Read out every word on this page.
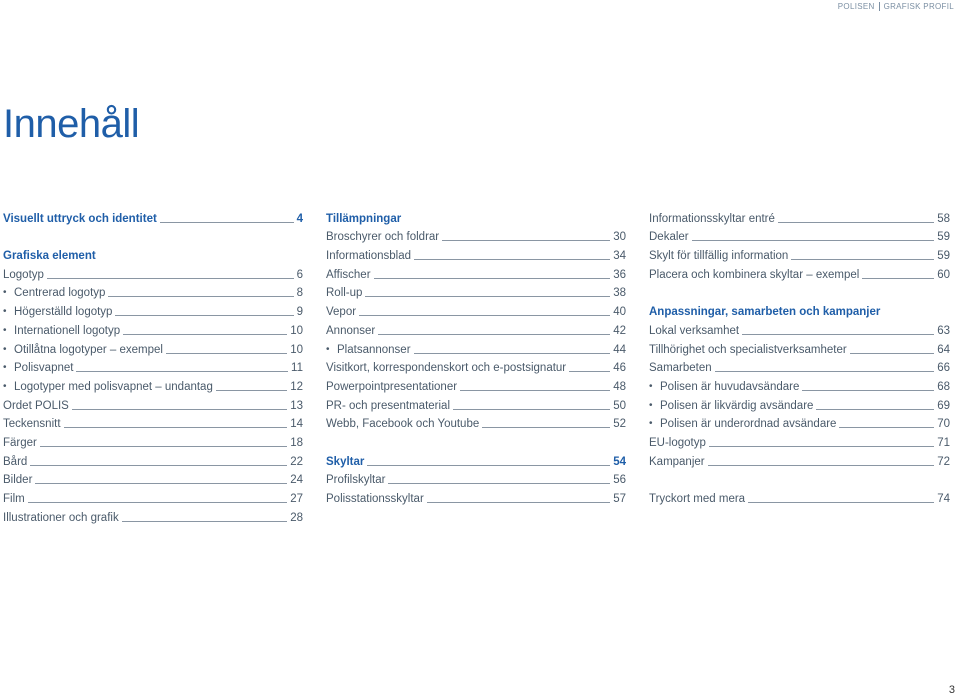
POLISEN GRAFISK PROFIL
Innehåll
Visuellt uttryck och identitet	4
Grafiska element
Logotyp	6
• Centrerad logotyp	8
• Högerställd logotyp	9
• Internationell logotyp	10
• Otillåtna logotyper – exempel	10
• Polisvapnet	11
• Logotyper med polisvapnet – undantag	12
Ordet POLIS	13
Teckensnitt	14
Färger	18
Bård	22
Bilder	24
Film	27
Illustrationer och grafik	28
Tillämpningar
Broschyrer och foldrar	30
Informationsblad	34
Affischer	36
Roll-up	38
Vepor	40
Annonser	42
• Platsannonser	44
Visitkort, korrespondenskort och e-postsignatur	46
Powerpointpresentationer	48
PR- och presentmaterial	50
Webb, Facebook och Youtube	52
Skyltar	54
Profilskyltar	56
Polisstationsskyltar	57
Informationsskyltar entré	58
Dekaler	59
Skylt för tillfällig information	59
Placera och kombinera skyltar – exempel	60
Anpassningar, samarbeten och kampanjer
Lokal verksamhet	63
Tillhörighet och specialistverksamheter	64
Samarbeten	66
• Polisen är huvudavsändare	68
• Polisen är likvärdig avsändare	69
• Polisen är underordnad avsändare	70
EU-logotyp	71
Kampanjer	72
Tryckort med mera	74
3
